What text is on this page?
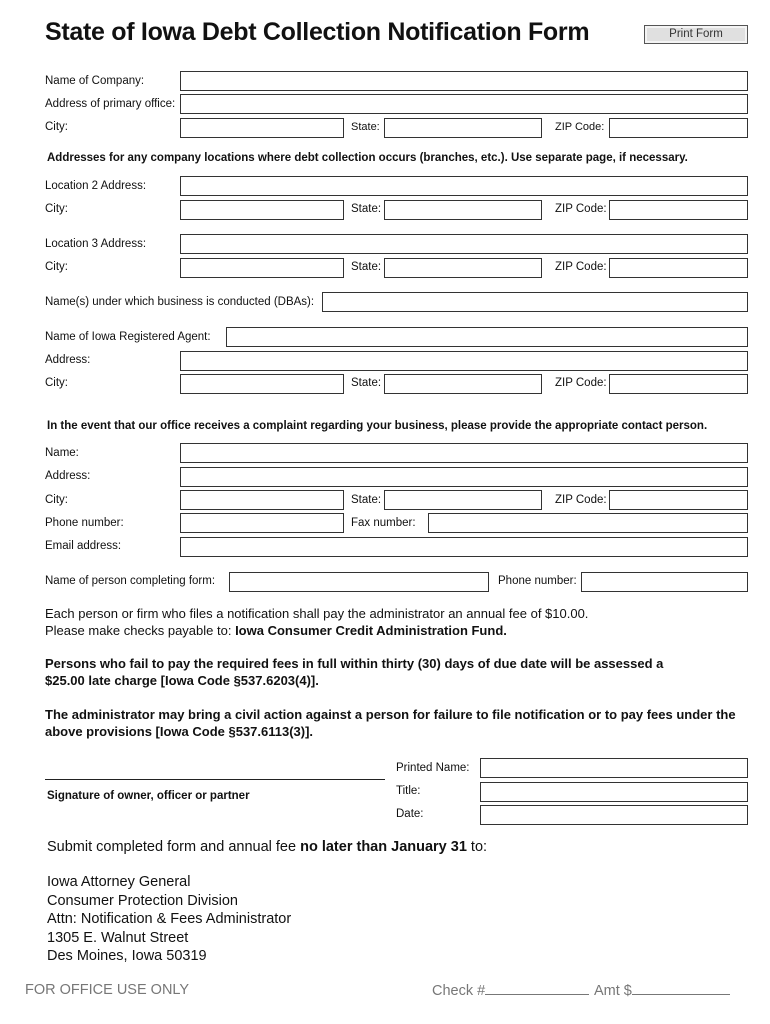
State of Iowa Debt Collection Notification Form	Print Form
Name of Company:
Address of primary office:
City:	State:	ZIP Code:
Addresses for any company locations where debt collection occurs (branches, etc.). Use separate page, if necessary.
Location 2 Address:
City:	State:	ZIP Code:
Location 3 Address:
City:	State:	ZIP Code:
Name(s) under which business is conducted (DBAs):
Name of Iowa Registered Agent:
Address:
City:	State:	ZIP Code:
In the event that our office receives a complaint regarding your business, please provide the appropriate contact person.
Name:
Address:
City:	State:	ZIP Code:
Phone number:	Fax number:
Email address:
Name of person completing form:	Phone number:
Each person or firm who files a notification shall pay the administrator an annual fee of $10.00.
Please make checks payable to: Iowa Consumer Credit Administration Fund.
Persons who fail to pay the required fees in full within thirty (30) days of due date will be assessed a
$25.00 late charge [Iowa Code §537.6203(4)].
The administrator may bring a civil action against a person for failure to file notification or to pay fees under the
above provisions [Iowa Code §537.6113(3)].
Signature of owner, officer or partner
Printed Name:
Title:
Date:
Submit completed form and annual fee no later than January 31 to:
Iowa Attorney General
Consumer Protection Division
Attn: Notification & Fees Administrator
1305 E. Walnut Street
Des Moines, Iowa 50319
FOR OFFICE USE ONLY	Check #	Amt $
